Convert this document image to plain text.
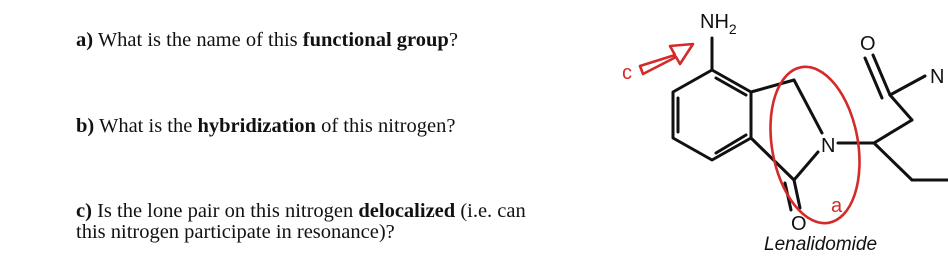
a) What is the name of this functional group?
b) What is the hybridization of this nitrogen?
c) Is the lone pair on this nitrogen delocalized (i.e. can
this nitrogen participate in resonance)?
$NH_2$
N
N
O
O
c
a
Lenalidomide
